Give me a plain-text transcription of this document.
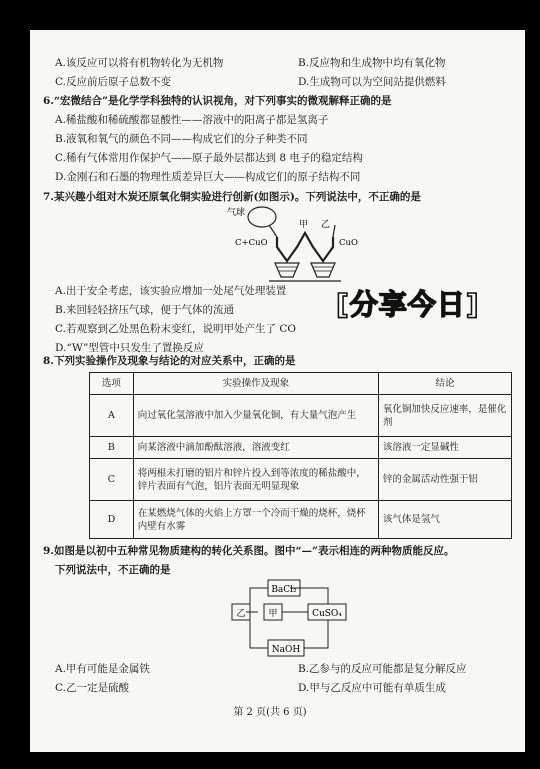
A.该反应可以将有机物转化为无机物	B.反应物和生成物中均有氧化物
C.反应前后原子总数不变	D.生成物可以为空间站提供燃料
6.“宏微结合”是化学学科独特的认识视角，对下列事实的微观解释正确的是
A.稀盐酸和稀硫酸都显酸性——溶液中的阳离子都是氢离子
B.液氧和氧气的颜色不同——构成它们的分子种类不同
C.稀有气体常用作保护气——原子最外层都达到 8 电子的稳定结构
D.金刚石和石墨的物理性质差异巨大——构成它们的原子结构不同
7.某兴趣小组对木炭还原氧化铜实验进行创新(如图示)。下列说法中，不正确的是
气球
甲 乙
C+CuO	CuO
A.出于安全考虑，该实验应增加一处尾气处理装置
B.来回轻轻挤压气球，便于气体的流通
C.若观察到乙处黑色粉末变红，说明甲处产生了 CO
D.“W”型管中只发生了置换反应
[分享今日]
8.下列实验操作及现象与结论的对应关系中，正确的是
选项	实验操作及现象	结论
A	向过氧化氢溶液中加入少量氧化铜，有大量气泡产生	氧化铜加快反应速率，是催化剂
B	向某溶液中滴加酚酞溶液，溶液变红	该溶液一定显碱性
C	将两根未打磨的铝片和锌片投入到等浓度的稀盐酸中，锌片表面有气泡，铝片表面无明显现象	锌的金属活动性强于铝
D	在某燃烧气体的火焰上方罩一个冷而干燥的烧杯，烧杯内壁有水雾	该气体是氢气
9.如图是以初中五种常见物质建构的转化关系图。图中“—”表示相连的两种物质能反应。
下列说法中，不正确的是
BaCl₂
乙	甲	CuSO₄
NaOH
A.甲有可能是金属铁	B.乙参与的反应可能都是复分解反应
C.乙一定是硫酸	D.甲与乙反应中可能有单质生成
第 2 页(共 6 页)
